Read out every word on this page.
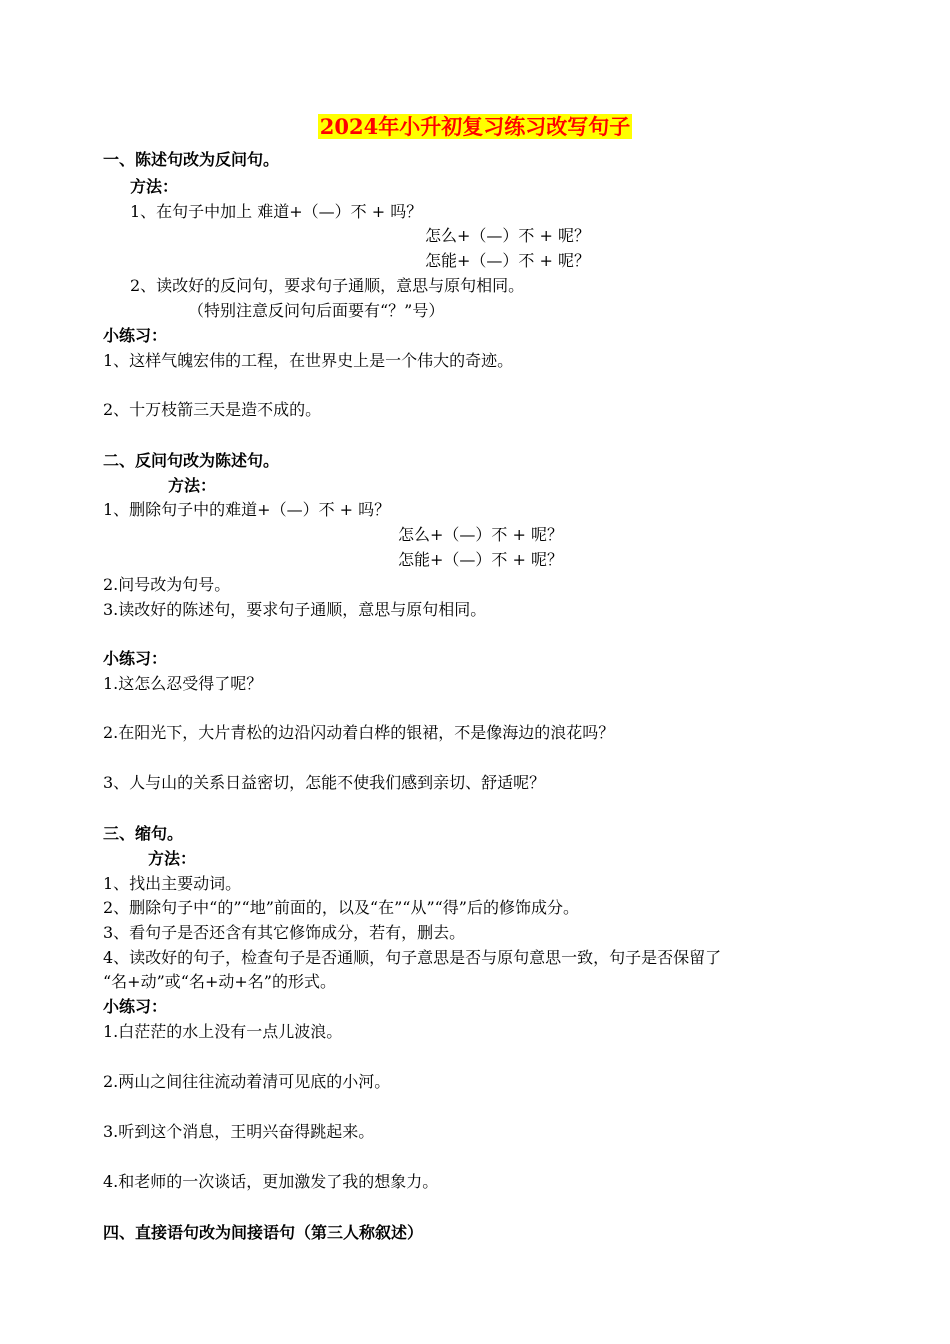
2024年小升初复习练习改写句子
一、陈述句改为反问句。
方法：
1、在句子中加上 难道+（—）不 + 吗？
怎么+（—）不 + 呢？
怎能+（—）不 + 呢？
2、读改好的反问句，要求句子通顺，意思与原句相同。
（特别注意反问句后面要有“？”号）
小练习：
1、这样气魄宏伟的工程，在世界史上是一个伟大的奇迹。
2、十万枝箭三天是造不成的。
二、反问句改为陈述句。
方法：
1、删除句子中的难道+（—）不 + 吗？
怎么+（—）不 + 呢？
怎能+（—）不 + 呢？
2.问号改为句号。
3.读改好的陈述句，要求句子通顺，意思与原句相同。
小练习：
1.这怎么忍受得了呢？
2.在阳光下，大片青松的边沿闪动着白桦的银裙，不是像海边的浪花吗？
3、人与山的关系日益密切，怎能不使我们感到亲切、舒适呢？
三、缩句。
方法：
1、找出主要动词。
2、删除句子中“的”“地”前面的，以及“在”“从”“得”后的修饰成分。
3、看句子是否还含有其它修饰成分，若有，删去。
4、读改好的句子，检查句子是否通顺，句子意思是否与原句意思一致，句子是否保留了
“名+动”或“名+动+名”的形式。
小练习：
1.白茫茫的水上没有一点儿波浪。
2.两山之间往往流动着清可见底的小河。
3.听到这个消息，王明兴奋得跳起来。
4.和老师的一次谈话，更加激发了我的想象力。
四、直接语句改为间接语句（第三人称叙述）
